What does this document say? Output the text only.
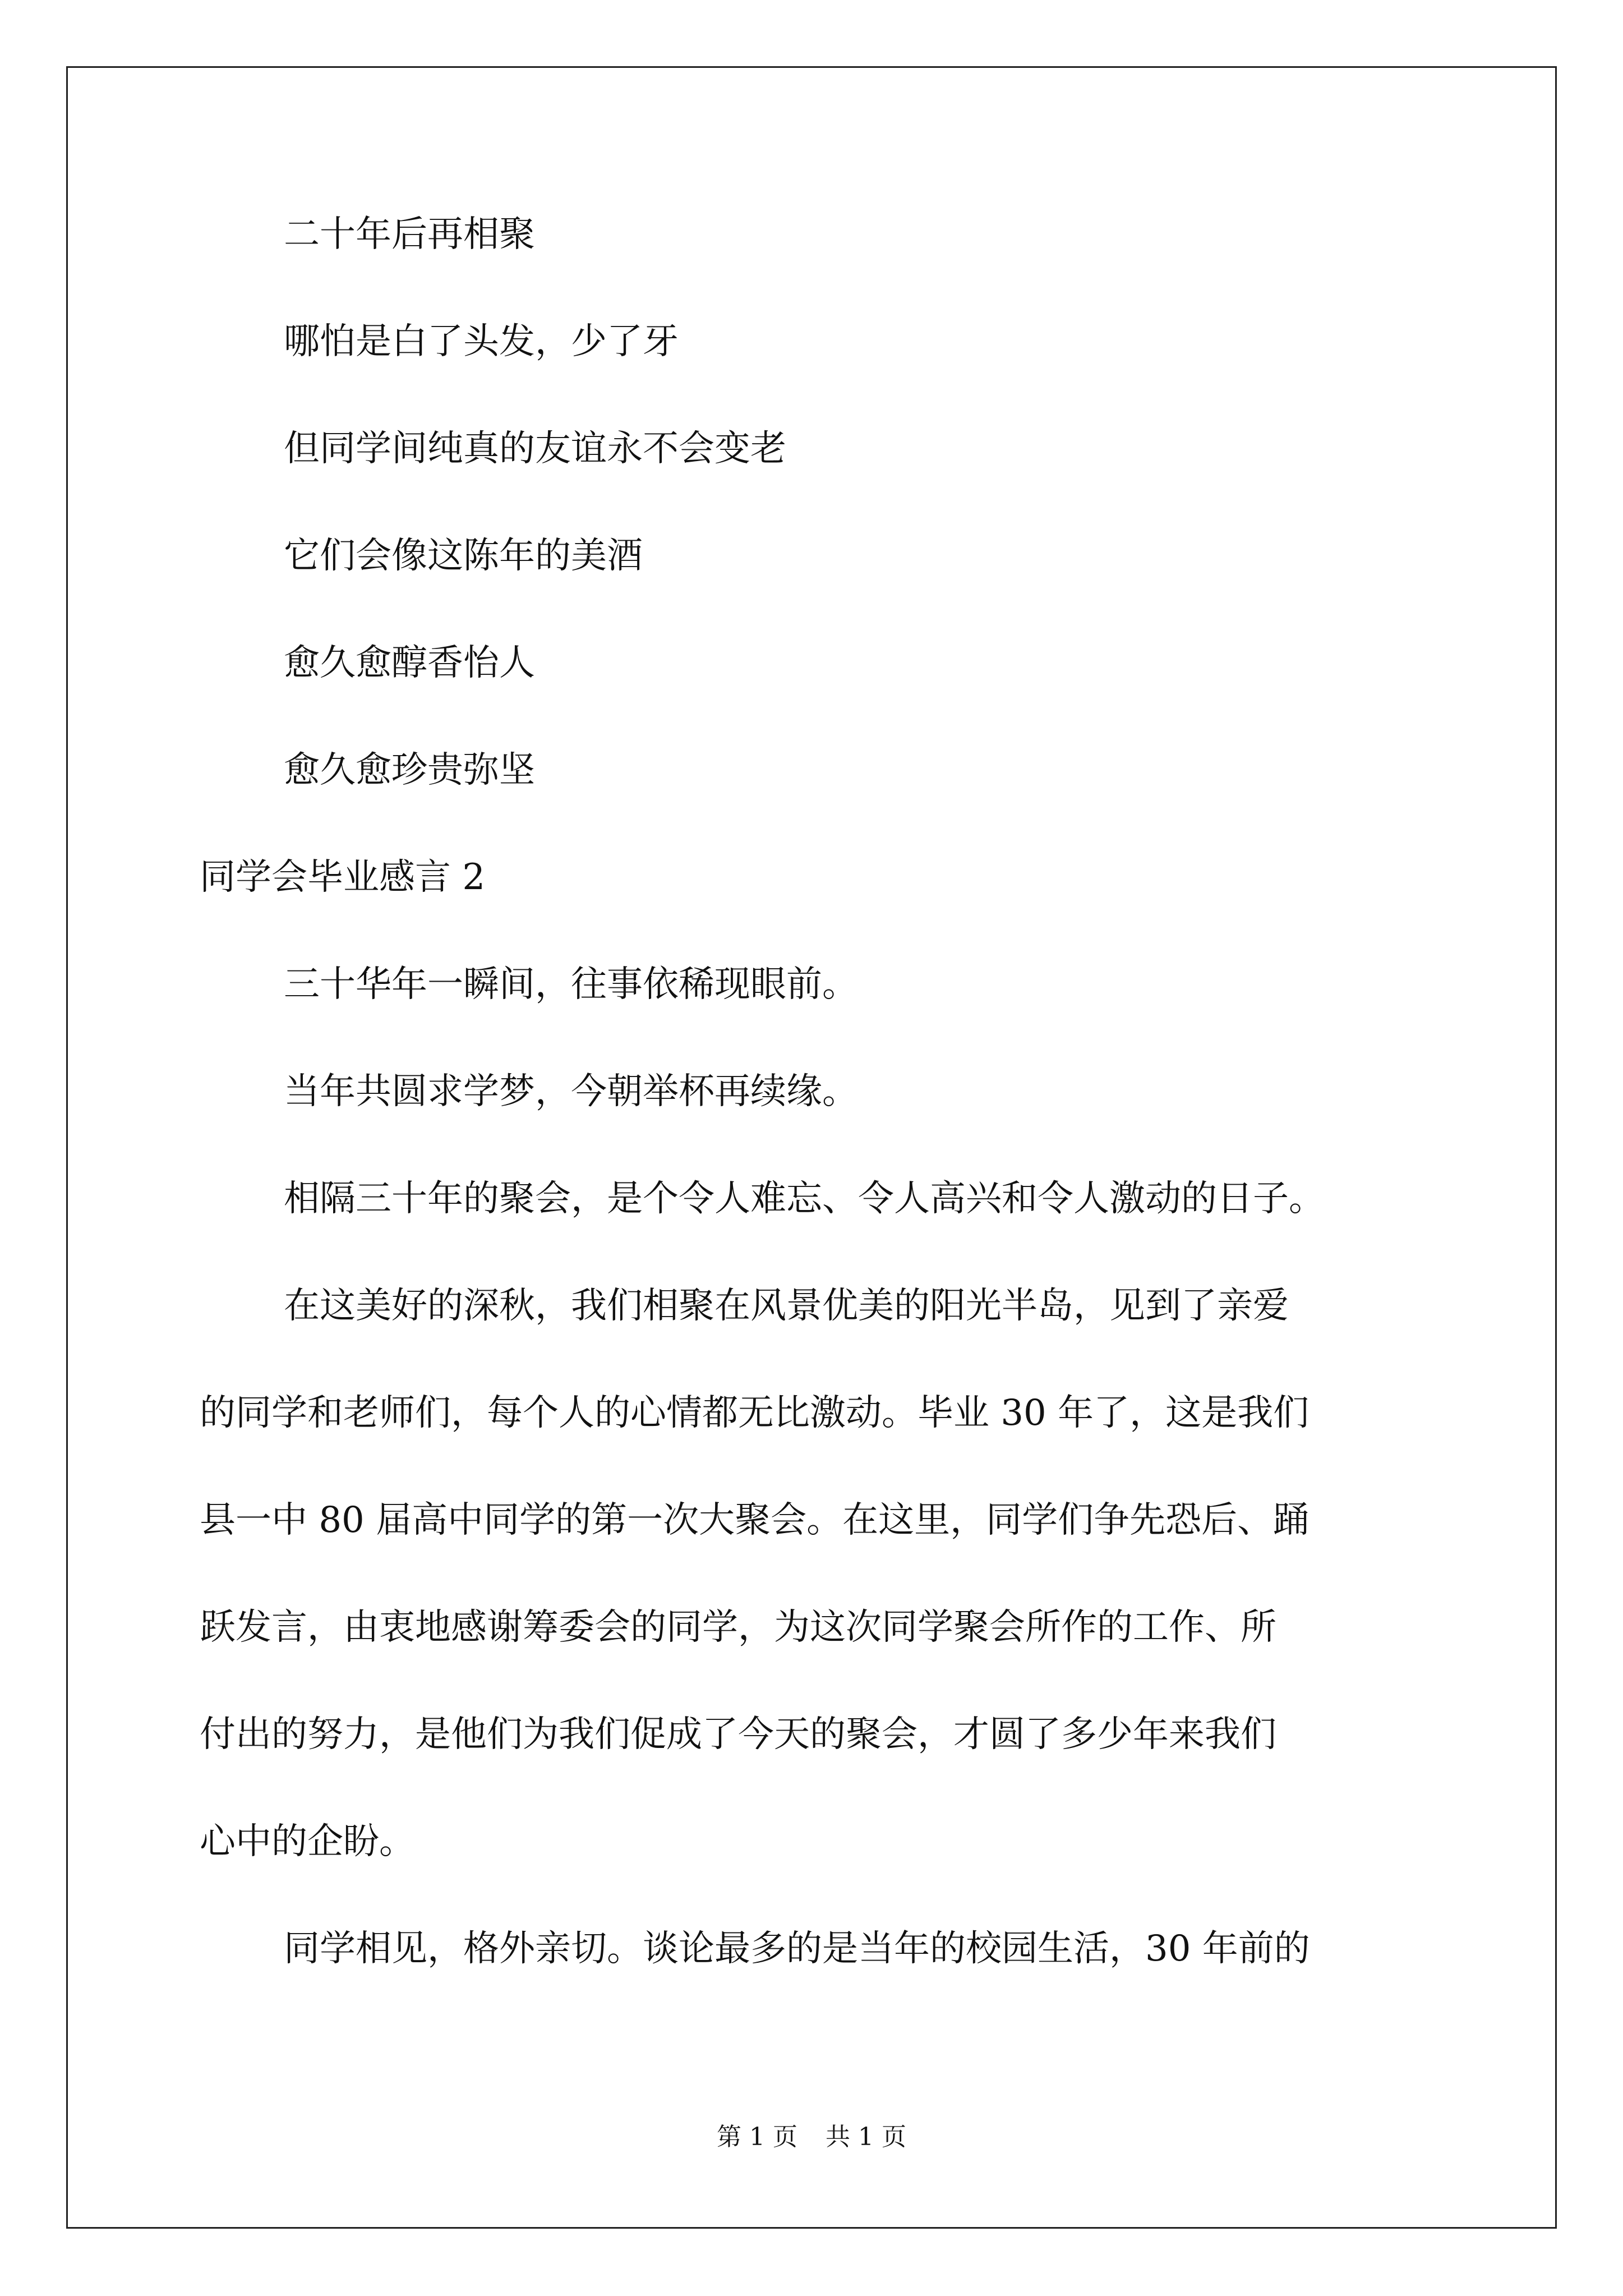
二十年后再相聚

哪怕是白了头发，少了牙

但同学间纯真的友谊永不会变老

它们会像这陈年的美酒

愈久愈醇香怡人

愈久愈珍贵弥坚

同学会毕业感言 2

三十华年一瞬间，往事依稀现眼前。

当年共圆求学梦，今朝举杯再续缘。

相隔三十年的聚会，是个令人难忘、令人高兴和令人激动的日子。

在这美好的深秋，我们相聚在风景优美的阳光半岛，见到了亲爱

的同学和老师们，每个人的心情都无比激动。毕业 30 年了，这是我们

县一中 80 届高中同学的第一次大聚会。在这里，同学们争先恐后、踊

跃发言，由衷地感谢筹委会的同学，为这次同学聚会所作的工作、所

付出的努力，是他们为我们促成了今天的聚会，才圆了多少年来我们

心中的企盼。

同学相见，格外亲切。谈论最多的是当年的校园生活，30 年前的

第 1 页 共 1 页
